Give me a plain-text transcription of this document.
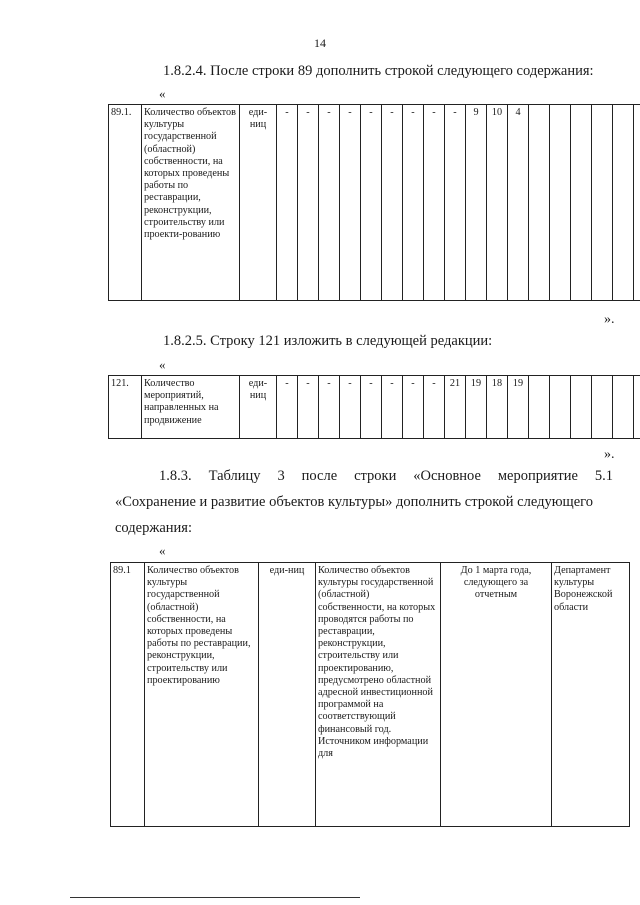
14
1.8.2.4. После строки 89 дополнить строкой следующего содержания:
«
89.1.	Количество объектов культуры государственной (областной) собственности, на которых проведены работы по реставрации, реконструкции, строительству или проекти-рованию	еди-ниц	-	-	-	-	-	-	-	-	-	9	10	4						
».
1.8.2.5. Строку 121 изложить в следующей редакции:
«
121.	Количество мероприятий, направленных на продвижение	еди-ниц	-	-	-	-	-	-	-	-	21	19	18	19						
».
1.8.3. Таблицу 3 после строки «Основное мероприятие 5.1
«Сохранение и развитие объектов культуры» дополнить строкой следующего
содержания:
«
89.1	Количество объектов культуры государственной (областной) собственности, на которых проведены работы по реставрации, реконструкции, строительству или проектированию	еди-ниц	Количество объектов культуры государственной (областной) собственности, на которых проводятся работы по реставрации, реконструкции, строительству или проектированию, предусмотрено областной адресной инвестиционной программой на соответствующий финансовый год. Источником информации для	До 1 марта года, следующего за отчетным	Департамент культуры Воронежской области
